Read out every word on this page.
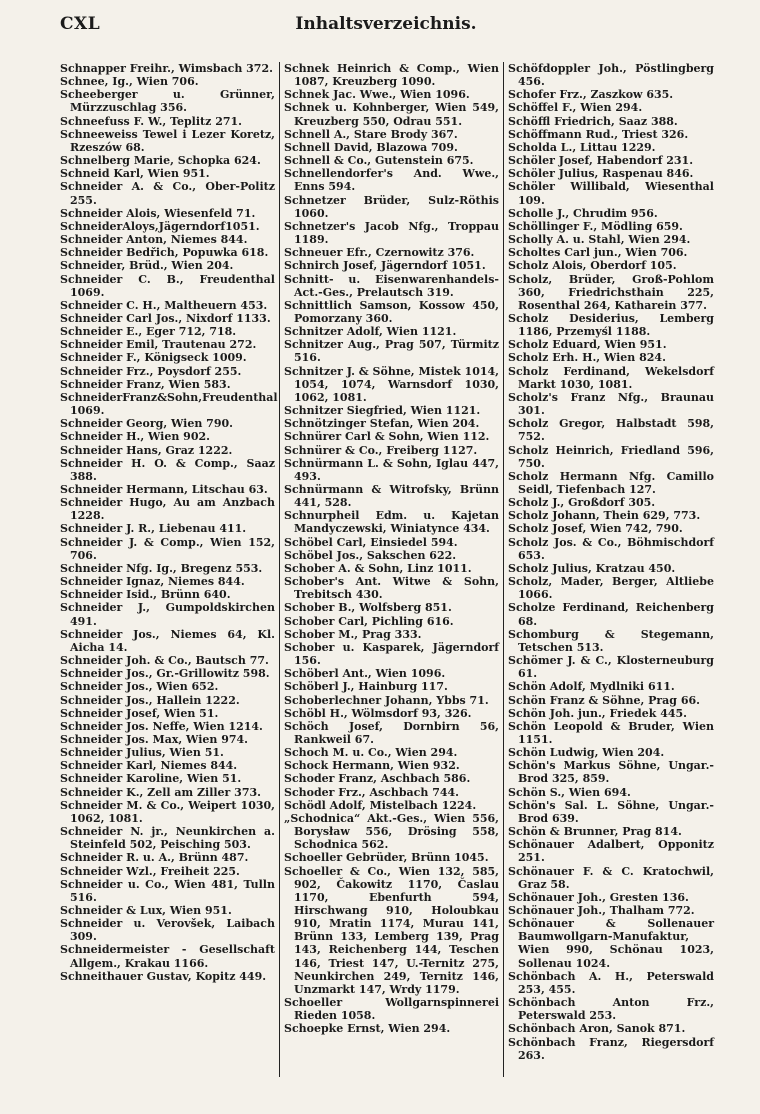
CXL	Inhaltsverzeichnis.
Schnapper Freihr., Wimsbach 372.
Schnee, Ig., Wien 706.
Scheeberger u. Grünner, Mürzzuschlag 356.
Schneefuss F. W., Teplitz 271.
Schneeweiss Tewel i Lezer Koretz, Rzeszów 68.
Schnelberg Marie, Schopka 624.
Schneid Karl, Wien 951.
Schneider A. & Co., Ober-Politz 255.
Schneider Alois, Wiesenfeld 71.
SchneiderAloys,Jägerndorf1051.
Schneider Anton, Niemes 844.
Schneider Bedřich, Popuwka 618.
Schneider, Brüd., Wien 204.
Schneider C. B., Freudenthal 1069.
Schneider C. H., Maltheuern 453.
Schneider Carl Jos., Nixdorf 1133.
Schneider E., Eger 712, 718.
Schneider Emil, Trautenau 272.
Schneider F., Königseck 1009.
Schneider Frz., Poysdorf 255.
Schneider Franz, Wien 583.
SchneiderFranz&Sohn,Freudenthal 1069.
Schneider Georg, Wien 790.
Schneider H., Wien 902.
Schneider Hans, Graz 1222.
Schneider H. O. & Comp., Saaz 388.
Schneider Hermann, Litschau 63.
Schneider Hugo, Au am Anzbach 1228.
Schneider J. R., Liebenau 411.
Schneider J. & Comp., Wien 152, 706.
Schneider Nfg. Ig., Bregenz 553.
Schneider Ignaz, Niemes 844.
Schneider Isid., Brünn 640.
Schneider J., Gumpoldskirchen 491.
Schneider Jos., Niemes 64, Kl. Aicha 14.
Schneider Joh. & Co., Bautsch 77.
Schneider Jos., Gr.-Grillowitz 598.
Schneider Jos., Wien 652.
Schneider Jos., Hallein 1222.
Schneider Josef, Wien 51.
Schneider Jos. Neffe, Wien 1214.
Schneider Jos. Max, Wien 974.
Schneider Julius, Wien 51.
Schneider Karl, Niemes 844.
Schneider Karoline, Wien 51.
Schneider K., Zell am Ziller 373.
Schneider M. & Co., Weipert 1030, 1062, 1081.
Schneider N. jr., Neunkirchen a. Steinfeld 502, Peisching 503.
Schneider R. u. A., Brünn 487.
Schneider Wzl., Freiheit 225.
Schneider u. Co., Wien 481, Tulln 516.
Schneider & Lux, Wien 951.
Schneider u. Verovšek, Laibach 309.
Schneidermeister - Gesellschaft Allgem., Krakau 1166.
Schneithauer Gustav, Kopitz 449.
Schnek Heinrich & Comp., Wien 1087, Kreuzberg 1090.
Schnek Jac. Wwe., Wien 1096.
Schnek u. Kohnberger, Wien 549, Kreuzberg 550, Odrau 551.
Schnell A., Stare Brody 367.
Schnell David, Blazowa 709.
Schnell & Co., Gutenstein 675.
Schnellendorfer's And. Wwe., Enns 594.
Schnetzer Brüder, Sulz-Röthis 1060.
Schnetzer's Jacob Nfg., Troppau 1189.
Schneuer Efr., Czernowitz 376.
Schnirch Josef, Jägerndorf 1051.
Schnitt- u. Eisenwarenhandels-Act.-Ges., Prelautsch 319.
Schnittlich Samson, Kossow 450, Pomorzany 360.
Schnitzer Adolf, Wien 1121.
Schnitzer Aug., Prag 507, Türmitz 516.
Schnitzer J. & Söhne, Mistek 1014, 1054, 1074, Warnsdorf 1030, 1062, 1081.
Schnitzer Siegfried, Wien 1121.
Schnötzinger Stefan, Wien 204.
Schnürer Carl & Sohn, Wien 112.
Schnürer & Co., Freiberg 1127.
Schnürmann L. & Sohn, Iglau 447, 493.
Schnürmann & Witrofsky, Brünn 441, 528.
Schnurpheil Edm. u. Kajetan Mandyczewski, Winiatynce 434.
Schöbel Carl, Einsiedel 594.
Schöbel Jos., Sakschen 622.
Schober A. & Sohn, Linz 1011.
Schober's Ant. Witwe & Sohn, Trebitsch 430.
Schober B., Wolfsberg 851.
Schober Carl, Pichling 616.
Schober M., Prag 333.
Schober u. Kasparek, Jägerndorf 156.
Schöberl Ant., Wien 1096.
Schöberl J., Hainburg 117.
Schoberlechner Johann, Ybbs 71.
Schöbl H., Wölmsdorf 93, 326.
Schöch Josef, Dornbirn 56, Rankweil 67.
Schoch M. u. Co., Wien 294.
Schock Hermann, Wien 932.
Schoder Franz, Aschbach 586.
Schoder Frz., Aschbach 744.
Schödl Adolf, Mistelbach 1224.
„Schodnica“ Akt.-Ges., Wien 556, Borysław 556, Drösing 558, Schodnica 562.
Schoeller Gebrüder, Brünn 1045.
Schoeller & Co., Wien 132, 585, 902, Čakowitz 1170, Časlau 1170, Ebenfurth 594, Hirschwang 910, Holoubkau 910, Mratin 1174, Murau 141, Brünn 133, Lemberg 139, Prag 143, Reichenberg 144, Teschen 146, Triest 147, U.-Ternitz 275, Neunkirchen 249, Ternitz 146, Unzmarkt 147, Wrdy 1179.
Schoeller Wollgarnspinnerei Rieden 1058.
Schoepke Ernst, Wien 294.
Schöfdoppler Joh., Pöstlingberg 456.
Schofer Frz., Zaszkow 635.
Schöffel F., Wien 294.
Schöffl Friedrich, Saaz 388.
Schöffmann Rud., Triest 326.
Scholda L., Littau 1229.
Schöler Josef, Habendorf 231.
Schöler Julius, Raspenau 846.
Schöler Willibald, Wiesenthal 109.
Scholle J., Chrudim 956.
Schöllinger F., Mödling 659.
Scholly A. u. Stahl, Wien 294.
Scholtes Carl jun., Wien 706.
Scholz Alois, Oberdorf 105.
Scholz, Brüder, Groß-Pohlom 360, Friedrichsthain 225, Rosenthal 264, Katharein 377.
Scholz Desiderius, Lemberg 1186, Przemyśl 1188.
Scholz Eduard, Wien 951.
Scholz Erh. H., Wien 824.
Scholz Ferdinand, Wekelsdorf Markt 1030, 1081.
Scholz's Franz Nfg., Braunau 301.
Scholz Gregor, Halbstadt 598, 752.
Scholz Heinrich, Friedland 596, 750.
Scholz Hermann Nfg. Camillo Seidl, Tiefenbach 127.
Scholz J., Großdorf 305.
Scholz Johann, Thein 629, 773.
Scholz Josef, Wien 742, 790.
Scholz Jos. & Co., Böhmischdorf 653.
Scholz Julius, Kratzau 450.
Scholz, Mader, Berger, Altliebe 1066.
Scholze Ferdinand, Reichenberg 68.
Schomburg & Stegemann, Tetschen 513.
Schömer J. & C., Klosterneuburg 61.
Schön Adolf, Mydlniki 611.
Schön Franz & Söhne, Prag 66.
Schön Joh. jun., Friedek 445.
Schön Leopold & Bruder, Wien 1151.
Schön Ludwig, Wien 204.
Schön's Markus Söhne, Ungar.-Brod 325, 859.
Schön S., Wien 694.
Schön's Sal. L. Söhne, Ungar.-Brod 639.
Schön & Brunner, Prag 814.
Schönauer Adalbert, Opponitz 251.
Schönauer F. & C. Kratochwil, Graz 58.
Schönauer Joh., Gresten 136.
Schönauer Joh., Thalham 772.
Schönauer & Sollenauer Baumwollgarn-Manufaktur, Wien 990, Schönau 1023, Sollenau 1024.
Schönbach A. H., Peterswald 253, 455.
Schönbach Anton Frz., Peterswald 253.
Schönbach Aron, Sanok 871.
Schönbach Franz, Riegersdorf 263.
